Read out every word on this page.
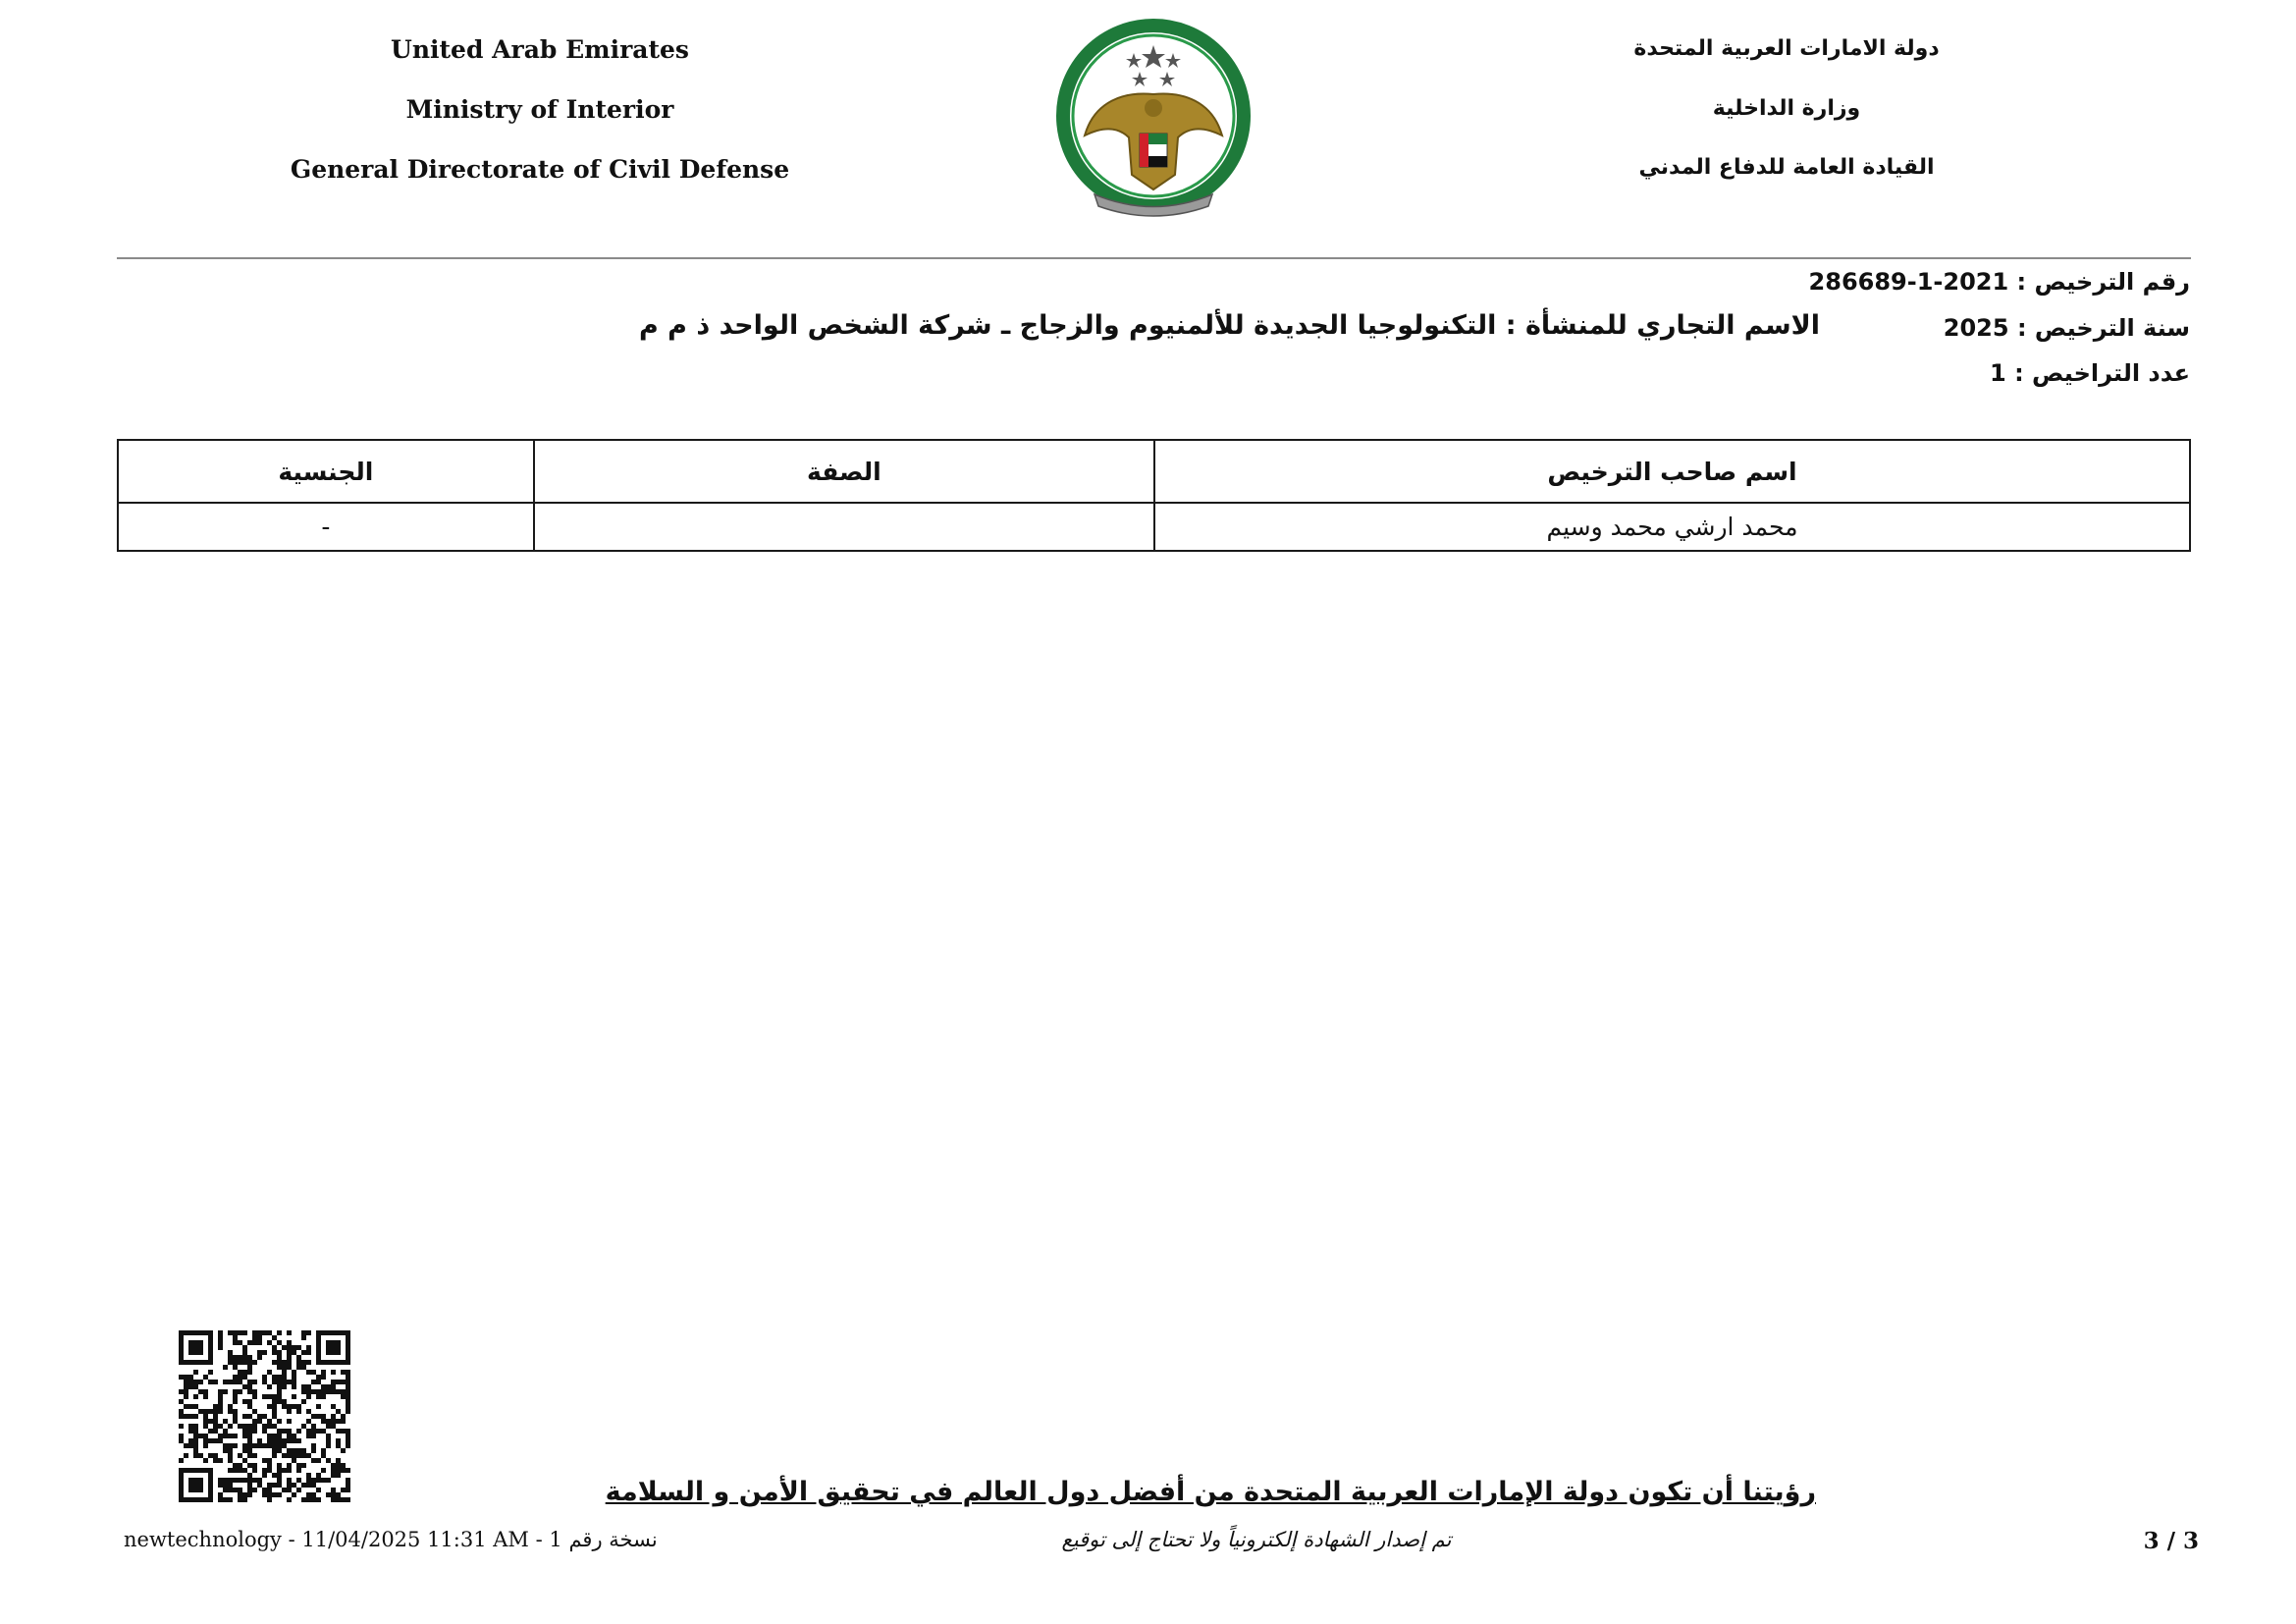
United Arab Emirates
Ministry of Interior
General Directorate of Civil Defense
دولة الامارات العربية المتحدة
وزارة الداخلية
القيادة العامة للدفاع المدني
رقم الترخيص : 286689-1-2021
سنة الترخيص : 2025
الاسم التجاري للمنشأة : التكنولوجيا الجديدة للألمنيوم والزجاج ـ شركة الشخص الواحد ذ م م
عدد التراخيص : 1
اسم صاحب الترخيص	الصفة	الجنسية
محمد ارشي محمد وسيم		-
رؤيتنا أن تكون دولة الإمارات العربية المتحدة من أفضل دول العالم في تحقيق الأمن و السلامة
newtechnology - 11/04/2025 11:31 AM - 1 نسخة رقم	تم إصدار الشهادة إلكترونياً ولا تحتاج إلى توقيع	3 / 3
